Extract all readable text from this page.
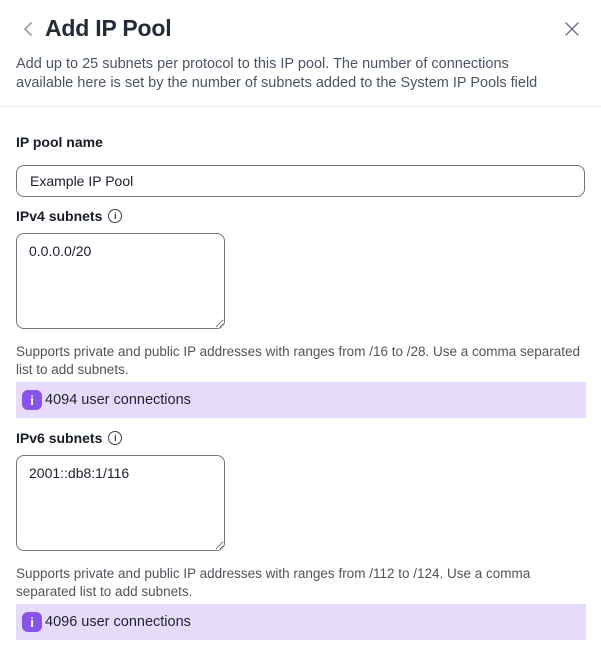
Add IP Pool

Add up to 25 subnets per protocol to this IP pool. The number of connections available here is set by the number of subnets added to the System IP Pools field

IP pool name
Example IP Pool
IPv4 subnets	i
0.0.0.0/20

Supports private and public IP addresses with ranges from /16 to /28. Use a comma separated list to add subnets.

i 4094 user connections
IPv6 subnets	i
2001::db8:1/116

Supports private and public IP addresses with ranges from /112 to /124. Use a comma separated list to add subnets.

i 4096 user connections
